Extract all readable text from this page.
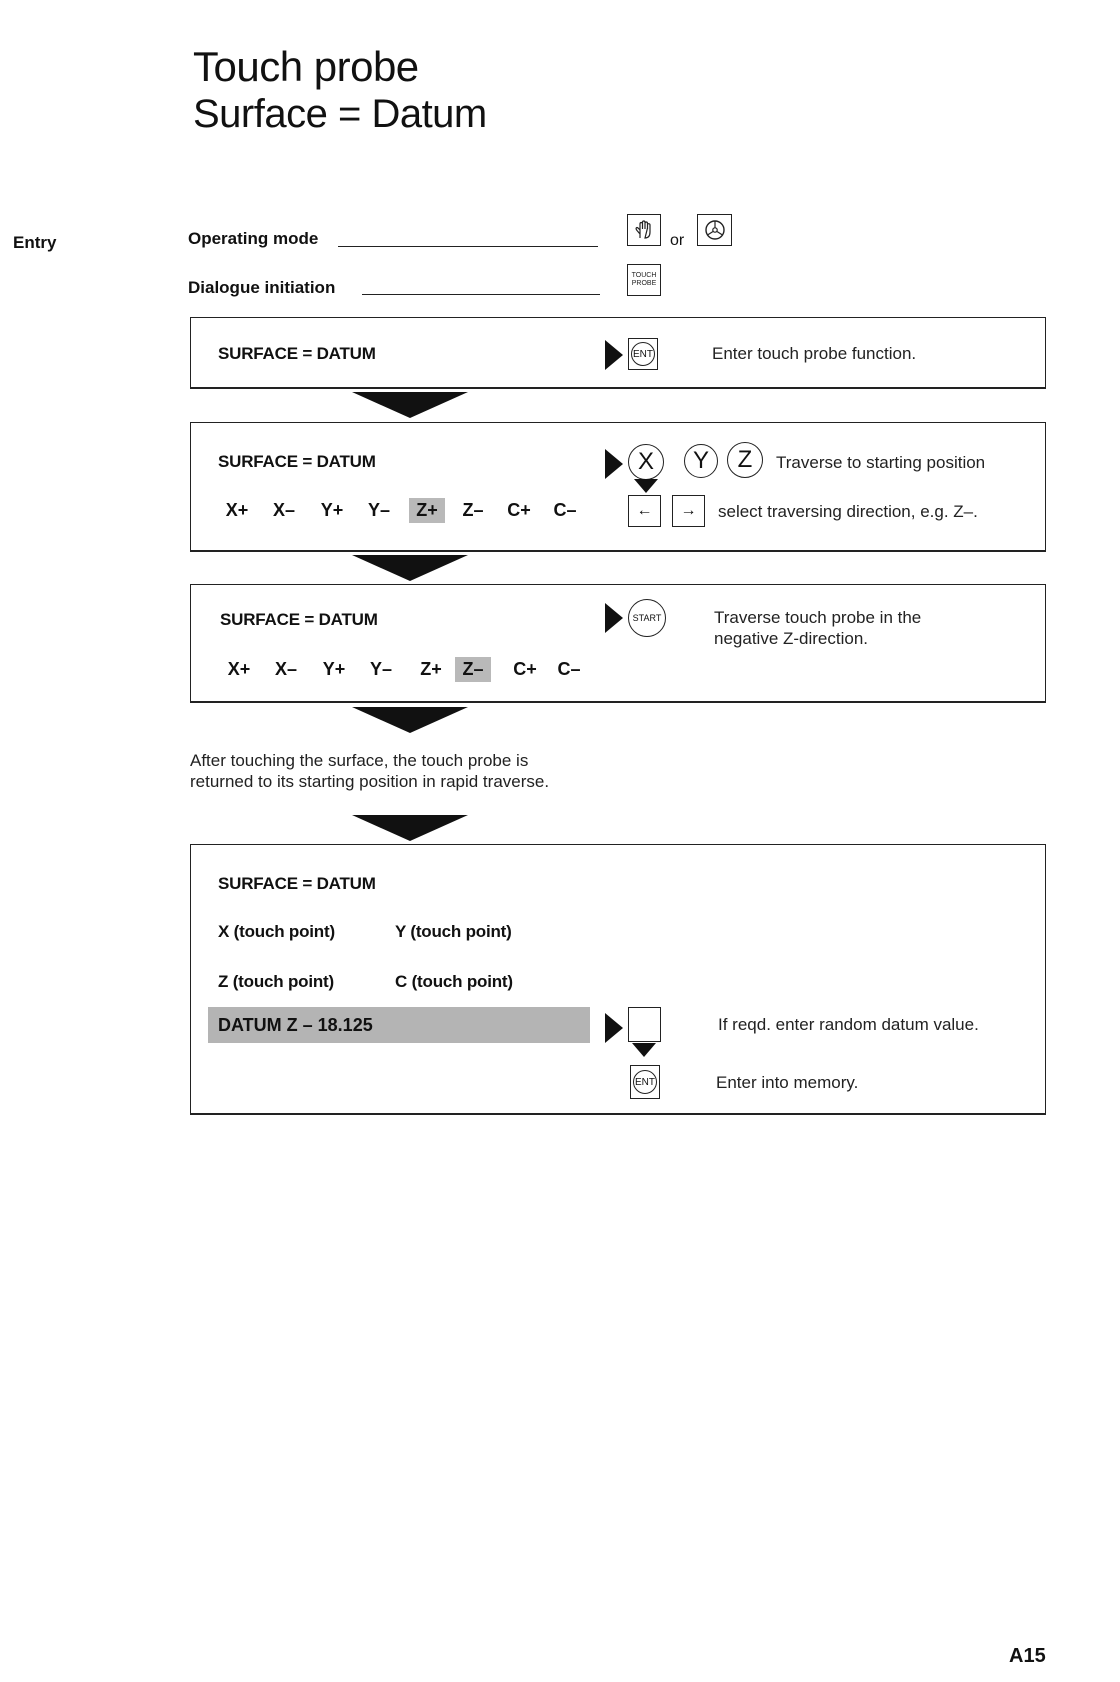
Touch probe
Surface = Datum
Entry	Operating mode	or
Dialogue initiation
TOUCH
PROBE
SURFACE = DATUM	ENT	Enter touch probe function.
SURFACE = DATUM	X	Y	Z	Traverse to starting position
X+	X–	Y+	Y–	Z+	Z–	C+	C–	←	→	select traversing direction, e.g. Z–.
SURFACE = DATUM	START	Traverse touch probe in the
negative Z-direction.
X+	X–	Y+	Y–	Z+	Z–	C+	C–
After touching the surface, the touch probe is
returned to its starting position in rapid traverse.
SURFACE = DATUM
X (touch point)	Y (touch point)
Z (touch point)	C (touch point)
If reqd. enter random datum value.
ENT	Enter into memory.
DATUM Z – 18.125
A15
